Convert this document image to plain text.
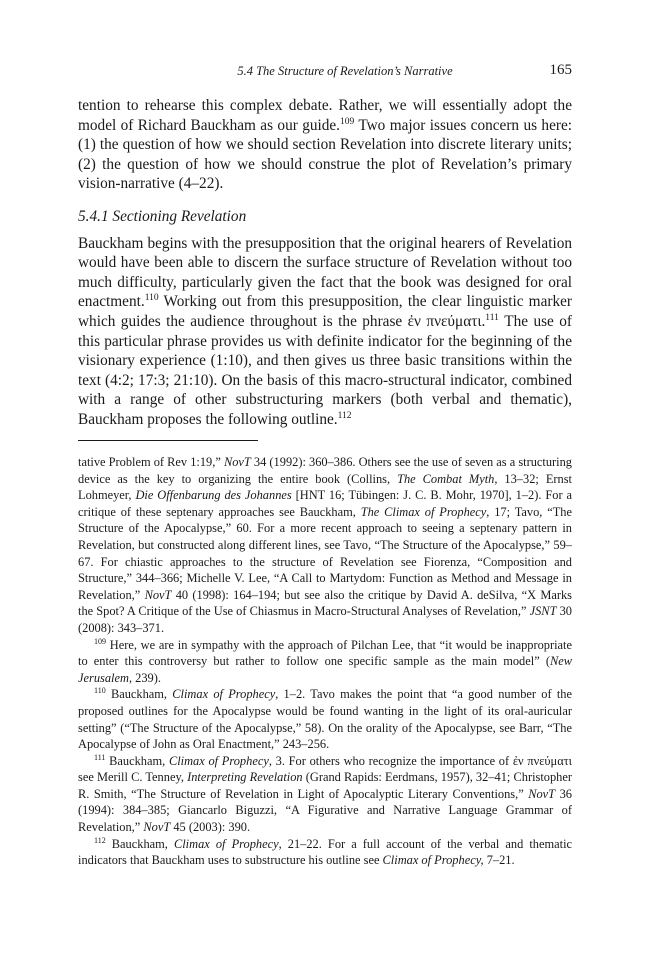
5.4 The Structure of Revelation’s Narrative	165

tention to rehearse this complex debate. Rather, we will essentially adopt the model of Richard Bauckham as our guide.$^{109}$ Two major issues concern us here: (1) the question of how we should section Revelation into discrete literary units; (2) the question of how we should construe the plot of Revelation’s primary vision-narrative (4–22).

5.4.1 Sectioning Revelation

Bauckham begins with the presupposition that the original hearers of Revelation would have been able to discern the surface structure of Revelation without too much difficulty, particularly given the fact that the book was designed for oral enactment.$^{110}$ Working out from this presupposition, the clear linguistic marker which guides the audience throughout is the phrase ἐν πνεύματι.$^{111}$ The use of this particular phrase provides us with definite indicator for the beginning of the visionary experience (1:10), and then gives us three basic transitions within the text (4:2; 17:3; 21:10). On the basis of this macro-structural indicator, combined with a range of other substructuring markers (both verbal and thematic), Bauckham proposes the following outline.$^{112}$

tative Problem of Rev 1:19,” NovT 34 (1992): 360–386. Others see the use of seven as a structuring device as the key to organizing the entire book (Collins, The Combat Myth, 13–32; Ernst Lohmeyer, Die Offenbarung des Johannes [HNT 16; Tübingen: J. C. B. Mohr, 1970], 1–2). For a critique of these septenary approaches see Bauckham, The Climax of Prophecy, 17; Tavo, “The Structure of the Apocalypse,” 60. For a more recent approach to seeing a septenary pattern in Revelation, but constructed along different lines, see Tavo, “The Structure of the Apocalypse,” 59–67. For chiastic approaches to the structure of Revelation see Fiorenza, “Composition and Structure,” 344–366; Michelle V. Lee, “A Call to Martydom: Function as Method and Message in Revelation,” NovT 40 (1998): 164–194; but see also the critique by David A. deSilva, “X Marks the Spot? A Critique of the Use of Chiasmus in Macro-Structural Analyses of Revelation,” JSNT 30 (2008): 343–371.

$^{109}$ Here, we are in sympathy with the approach of Pilchan Lee, that “it would be inappropriate to enter this controversy but rather to follow one specific sample as the main model” (New Jerusalem, 239).

$^{110}$ Bauckham, Climax of Prophecy, 1–2. Tavo makes the point that “a good number of the proposed outlines for the Apocalypse would be found wanting in the light of its oral-auricular setting” (“The Structure of the Apocalypse,” 58). On the orality of the Apocalypse, see Barr, “The Apocalypse of John as Oral Enactment,” 243–256.

$^{111}$ Bauckham, Climax of Prophecy, 3. For others who recognize the importance of ἐν πνεύματι see Merill C. Tenney, Interpreting Revelation (Grand Rapids: Eerdmans, 1957), 32–41; Christopher R. Smith, “The Structure of Revelation in Light of Apocalyptic Literary Conventions,” NovT 36 (1994): 384–385; Giancarlo Biguzzi, “A Figurative and Narrative Language Grammar of Revelation,” NovT 45 (2003): 390.

$^{112}$ Bauckham, Climax of Prophecy, 21–22. For a full account of the verbal and thematic indicators that Bauckham uses to substructure his outline see Climax of Prophecy, 7–21.
